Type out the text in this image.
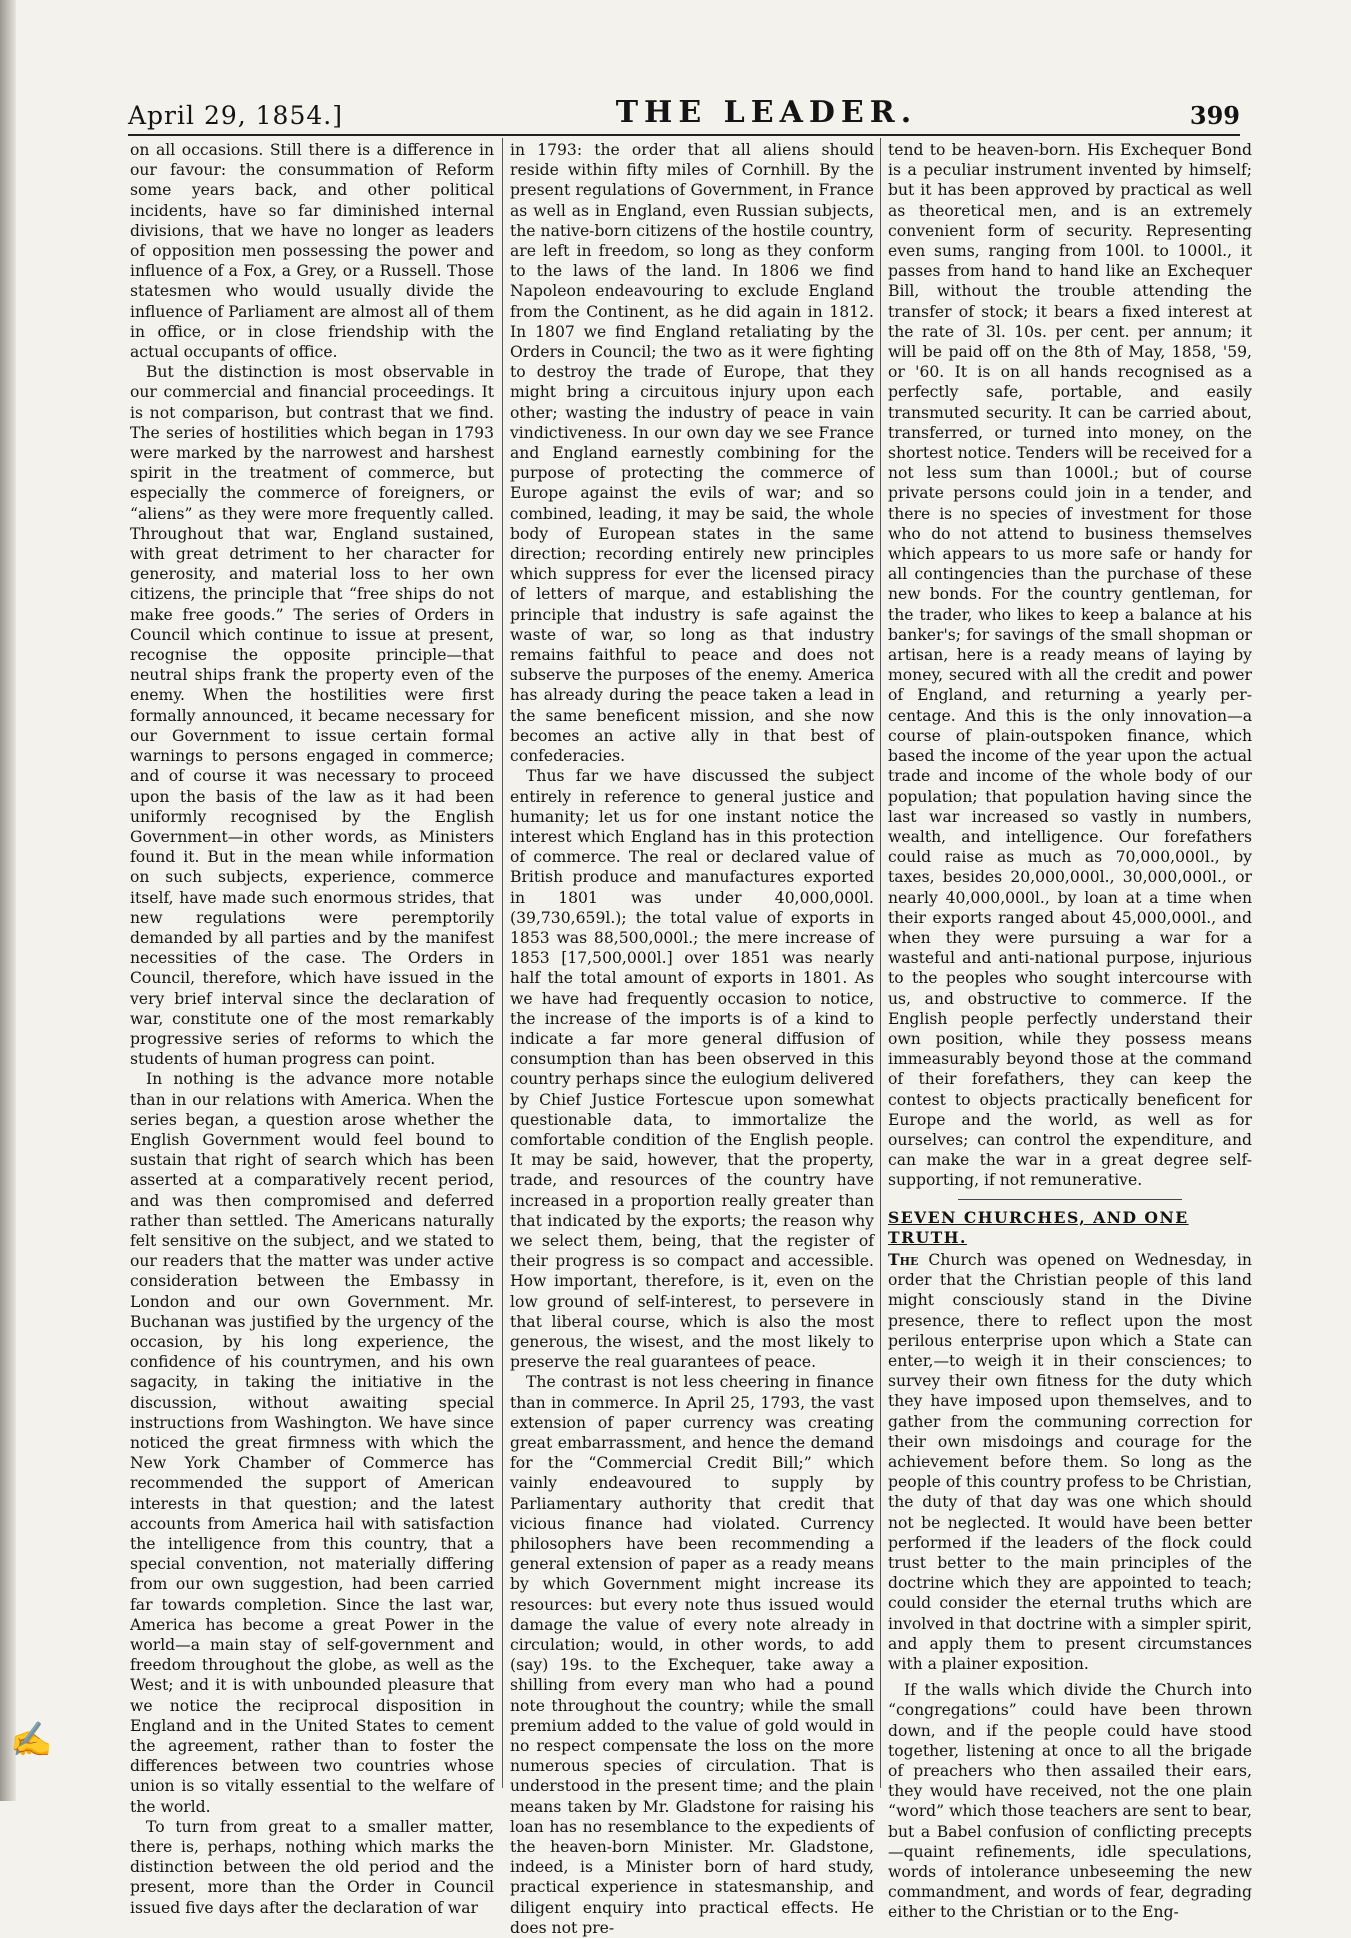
✍
April 29, 1854.]	THE LEADER.	399

on all occasions. Still there is a difference in our favour: the consummation of Reform some years back, and other political incidents, have so far diminished internal divisions, that we have no longer as leaders of opposition men possessing the power and influence of a Fox, a Grey, or a Russell. Those statesmen who would usually divide the influence of Parliament are almost all of them in office, or in close friendship with the actual occupants of office.

But the distinction is most observable in our commercial and financial proceedings. It is not comparison, but contrast that we find. The series of hostilities which began in 1793 were marked by the narrowest and harshest spirit in the treatment of commerce, but especially the commerce of foreigners, or “aliens” as they were more frequently called. Throughout that war, England sustained, with great detriment to her character for generosity, and material loss to her own citizens, the principle that “free ships do not make free goods.” The series of Orders in Council which continue to issue at present, recognise the opposite principle—that neutral ships frank the property even of the enemy. When the hostilities were first formally announced, it became necessary for our Government to issue certain formal warnings to persons engaged in commerce; and of course it was necessary to proceed upon the basis of the law as it had been uniformly recognised by the English Government—in other words, as Ministers found it. But in the mean while information on such subjects, experience, commerce itself, have made such enormous strides, that new regulations were peremptorily demanded by all parties and by the manifest necessities of the case. The Orders in Council, therefore, which have issued in the very brief interval since the declaration of war, constitute one of the most remarkably progressive series of reforms to which the students of human progress can point.

In nothing is the advance more notable than in our relations with America. When the series began, a question arose whether the English Government would feel bound to sustain that right of search which has been asserted at a comparatively recent period, and was then compromised and deferred rather than settled. The Americans naturally felt sensitive on the subject, and we stated to our readers that the matter was under active consideration between the Embassy in London and our own Government. Mr. Buchanan was justified by the urgency of the occasion, by his long experience, the confidence of his countrymen, and his own sagacity, in taking the initiative in the discussion, without awaiting special instructions from Washington. We have since noticed the great firmness with which the New York Chamber of Commerce has recommended the support of American interests in that question; and the latest accounts from America hail with satisfaction the intelligence from this country, that a special convention, not materially differing from our own suggestion, had been carried far towards completion. Since the last war, America has become a great Power in the world—a main stay of self-government and freedom throughout the globe, as well as the West; and it is with unbounded pleasure that we notice the reciprocal disposition in England and in the United States to cement the agreement, rather than to foster the differences between two countries whose union is so vitally essential to the welfare of the world.

To turn from great to a smaller matter, there is, perhaps, nothing which marks the distinction between the old period and the present, more than the Order in Council issued five days after the declaration of war

in 1793: the order that all aliens should reside within fifty miles of Cornhill. By the present regulations of Government, in France as well as in England, even Russian subjects, the native-born citizens of the hostile country, are left in freedom, so long as they conform to the laws of the land. In 1806 we find Napoleon endeavouring to exclude England from the Continent, as he did again in 1812. In 1807 we find England retaliating by the Orders in Council; the two as it were fighting to destroy the trade of Europe, that they might bring a circuitous injury upon each other; wasting the industry of peace in vain vindictiveness. In our own day we see France and England earnestly combining for the purpose of protecting the commerce of Europe against the evils of war; and so combined, leading, it may be said, the whole body of European states in the same direction; recording entirely new principles which suppress for ever the licensed piracy of letters of marque, and establishing the principle that industry is safe against the waste of war, so long as that industry remains faithful to peace and does not subserve the purposes of the enemy. America has already during the peace taken a lead in the same beneficent mission, and she now becomes an active ally in that best of confederacies.

Thus far we have discussed the subject entirely in reference to general justice and humanity; let us for one instant notice the interest which England has in this protection of commerce. The real or declared value of British produce and manufactures exported in 1801 was under 40,000,000l. (39,730,659l.); the total value of exports in 1853 was 88,500,000l.; the mere increase of 1853 [17,500,000l.] over 1851 was nearly half the total amount of exports in 1801. As we have had frequently occasion to notice, the increase of the imports is of a kind to indicate a far more general diffusion of consumption than has been observed in this country perhaps since the eulogium delivered by Chief Justice Fortescue upon somewhat questionable data, to immortalize the comfortable condition of the English people. It may be said, however, that the property, trade, and resources of the country have increased in a proportion really greater than that indicated by the exports; the reason why we select them, being, that the register of their progress is so compact and accessible. How important, therefore, is it, even on the low ground of self-interest, to persevere in that liberal course, which is also the most generous, the wisest, and the most likely to preserve the real guarantees of peace.

The contrast is not less cheering in finance than in commerce. In April 25, 1793, the vast extension of paper currency was creating great embarrassment, and hence the demand for the “Commercial Credit Bill;” which vainly endeavoured to supply by Parliamentary authority that credit that vicious finance had violated. Currency philosophers have been recommending a general extension of paper as a ready means by which Government might increase its resources: but every note thus issued would damage the value of every note already in circulation; would, in other words, to add (say) 19s. to the Exchequer, take away a shilling from every man who had a pound note throughout the country; while the small premium added to the value of gold would in no respect compensate the loss on the more numerous species of circulation. That is understood in the present time; and the plain means taken by Mr. Gladstone for raising his loan has no resemblance to the expedients of the heaven-born Minister. Mr. Gladstone, indeed, is a Minister born of hard study, practical experience in statesmanship, and diligent enquiry into practical effects. He does not pre-

tend to be heaven-born. His Exchequer Bond is a peculiar instrument invented by himself; but it has been approved by practical as well as theoretical men, and is an extremely convenient form of security. Representing even sums, ranging from 100l. to 1000l., it passes from hand to hand like an Exchequer Bill, without the trouble attending the transfer of stock; it bears a fixed interest at the rate of 3l. 10s. per cent. per annum; it will be paid off on the 8th of May, 1858, '59, or '60. It is on all hands recognised as a perfectly safe, portable, and easily transmuted security. It can be carried about, transferred, or turned into money, on the shortest notice. Tenders will be received for a not less sum than 1000l.; but of course private persons could join in a tender, and there is no species of investment for those who do not attend to business themselves which appears to us more safe or handy for all contingencies than the purchase of these new bonds. For the country gentleman, for the trader, who likes to keep a balance at his banker's; for savings of the small shopman or artisan, here is a ready means of laying by money, secured with all the credit and power of England, and returning a yearly per-centage. And this is the only innovation—a course of plain-outspoken finance, which based the income of the year upon the actual trade and income of the whole body of our population; that population having since the last war increased so vastly in numbers, wealth, and intelligence. Our forefathers could raise as much as 70,000,000l., by taxes, besides 20,000,000l., 30,000,000l., or nearly 40,000,000l., by loan at a time when their exports ranged about 45,000,000l., and when they were pursuing a war for a wasteful and anti-national purpose, injurious to the peoples who sought intercourse with us, and obstructive to commerce. If the English people perfectly understand their own position, while they possess means immeasurably beyond those at the command of their forefathers, they can keep the contest to objects practically beneficent for Europe and the world, as well as for ourselves; can control the expenditure, and can make the war in a great degree self-supporting, if not remunerative.

SEVEN CHURCHES, AND ONE TRUTH.

The Church was opened on Wednesday, in order that the Christian people of this land might consciously stand in the Divine presence, there to reflect upon the most perilous enterprise upon which a State can enter,—to weigh it in their consciences; to survey their own fitness for the duty which they have imposed upon themselves, and to gather from the communing correction for their own misdoings and courage for the achievement before them. So long as the people of this country profess to be Christian, the duty of that day was one which should not be neglected. It would have been better performed if the leaders of the flock could trust better to the main principles of the doctrine which they are appointed to teach; could consider the eternal truths which are involved in that doctrine with a simpler spirit, and apply them to present circumstances with a plainer exposition.

If the walls which divide the Church into “congregations” could have been thrown down, and if the people could have stood together, listening at once to all the brigade of preachers who then assailed their ears, they would have received, not the one plain “word” which those teachers are sent to bear, but a Babel confusion of conflicting precepts—quaint refinements, idle speculations, words of intolerance unbeseeming the new commandment, and words of fear, degrading either to the Christian or to the Eng-
